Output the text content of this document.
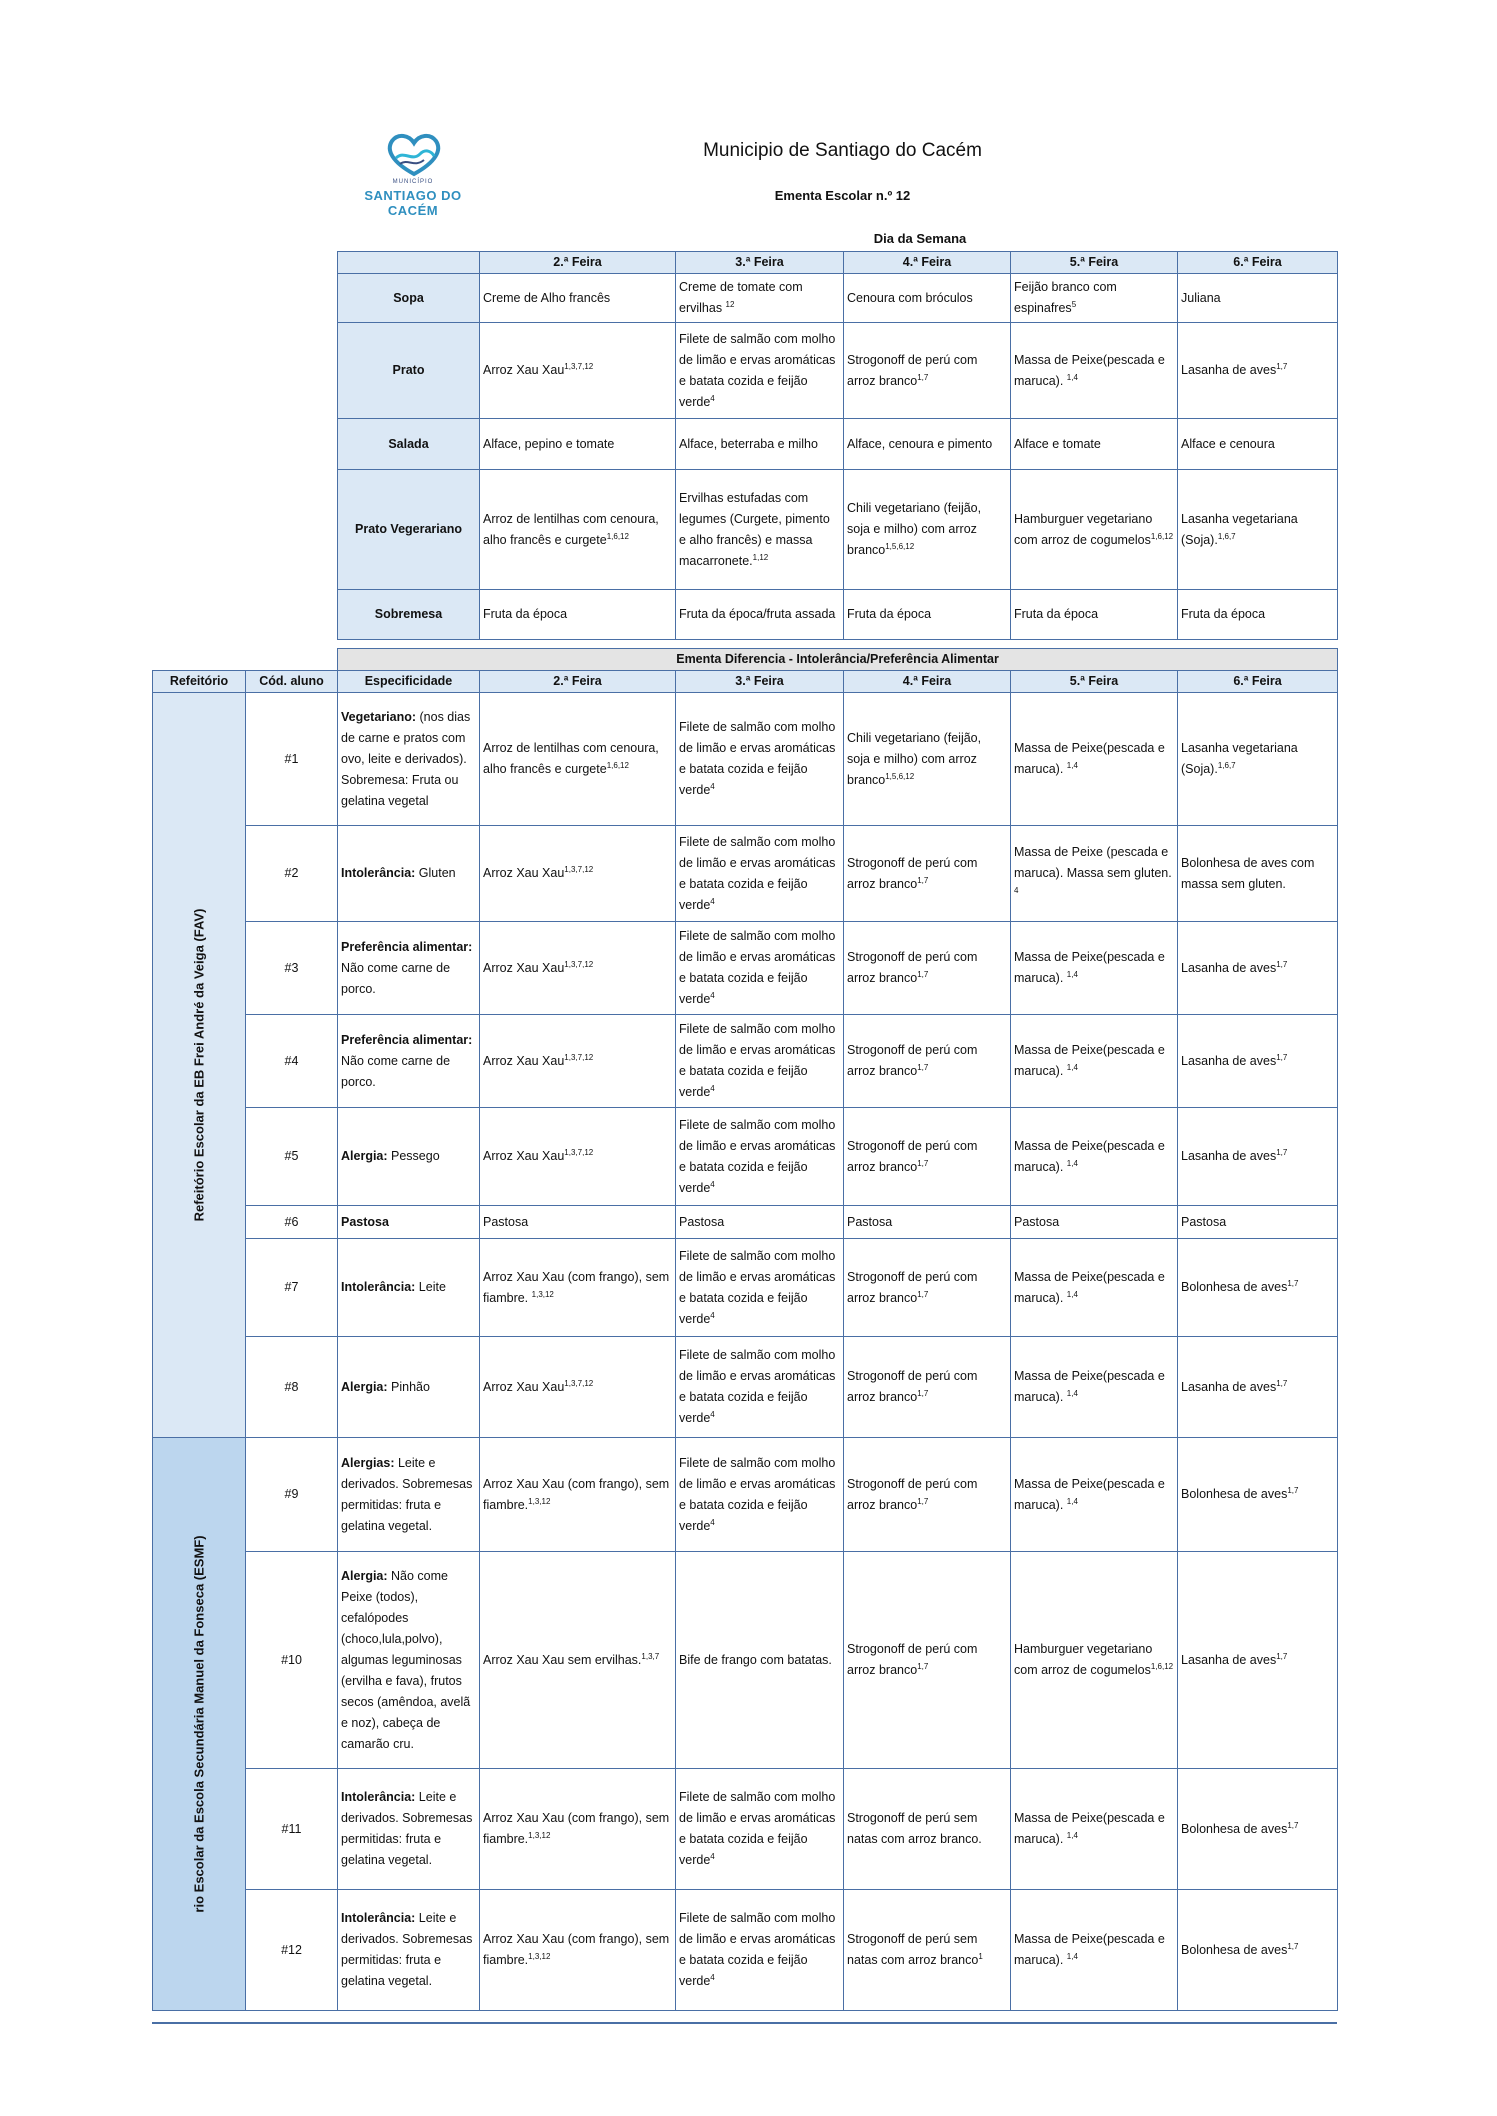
MUNICÍPIO
SANTIAGO DO CACÉM
Municipio de Santiago do Cacém
Ementa Escolar n.º 12
Dia da Semana
	2.ª Feira	3.ª Feira	4.ª Feira	5.ª Feira	6.ª Feira
Sopa	Creme de Alho francês	Creme de tomate com ervilhas $^{12}$	Cenoura com bróculos	Feijão branco com espinafres$^5$	Juliana
Prato	Arroz Xau Xau$^{1,3,7,12}$	Filete de salmão com molho de limão e ervas aromáticas e batata cozida e feijão verde$^4$	Strogonoff de perú com arroz branco$^{1,7}$	Massa de Peixe(pescada e maruca). $^{1,4}$	Lasanha de aves$^{1,7}$
Salada	Alface, pepino e tomate	Alface, beterraba e milho	Alface, cenoura e pimento	Alface e tomate	Alface e cenoura
Prato Vegerariano	Arroz de lentilhas com cenoura, alho francês e curgete$^{1,6,12}$	Ervilhas estufadas com legumes (Curgete, pimento e alho francês) e massa macarronete.$^{1,12}$	Chili vegetariano (feijão, soja e milho) com arroz branco$^{1,5,6,12}$	Hamburguer vegetariano com arroz de cogumelos$^{1,6,12}$	Lasanha vegetariana (Soja).$^{1,6,7}$
Sobremesa	Fruta da época	Fruta da época/fruta assada	Fruta da época	Fruta da época	Fruta da época
		Ementa Diferencia - Intolerância/Preferência Alimentar					
Refeitório	Cód. aluno	Especificidade	2.ª Feira	3.ª Feira	4.ª Feira	5.ª Feira	6.ª Feira

Refeitório Escolar da EB Frei André da Veiga (FAV)	#1	Vegetariano: (nos dias de carne e pratos com ovo, leite e derivados). Sobremesa: Fruta ou gelatina vegetal	Arroz de lentilhas com cenoura, alho francês e curgete$^{1,6,12}$	Filete de salmão com molho de limão e ervas aromáticas e batata cozida e feijão verde$^4$	Chili vegetariano (feijão, soja e milho) com arroz branco$^{1,5,6,12}$	Massa de Peixe(pescada e maruca). $^{1,4}$	Lasanha vegetariana (Soja).$^{1,6,7}$
	#2	Intolerância: Gluten	Arroz Xau Xau$^{1,3,7,12}$	Filete de salmão com molho de limão e ervas aromáticas e batata cozida e feijão verde$^4$	Strogonoff de perú com arroz branco$^{1,7}$	Massa de Peixe (pescada e maruca). Massa sem gluten. $^4$	Bolonhesa de aves com massa sem gluten.
	#3	Preferência alimentar: Não come carne de porco.	Arroz Xau Xau$^{1,3,7,12}$	Filete de salmão com molho de limão e ervas aromáticas e batata cozida e feijão verde$^4$	Strogonoff de perú com arroz branco$^{1,7}$	Massa de Peixe(pescada e maruca). $^{1,4}$	Lasanha de aves$^{1,7}$
	#4	Preferência alimentar: Não come carne de porco.	Arroz Xau Xau$^{1,3,7,12}$	Filete de salmão com molho de limão e ervas aromáticas e batata cozida e feijão verde$^4$	Strogonoff de perú com arroz branco$^{1,7}$	Massa de Peixe(pescada e maruca). $^{1,4}$	Lasanha de aves$^{1,7}$
	#5	Alergia: Pessego	Arroz Xau Xau$^{1,3,7,12}$	Filete de salmão com molho de limão e ervas aromáticas e batata cozida e feijão verde$^4$	Strogonoff de perú com arroz branco$^{1,7}$	Massa de Peixe(pescada e maruca). $^{1,4}$	Lasanha de aves$^{1,7}$
	#6	Pastosa	Pastosa	Pastosa	Pastosa	Pastosa	Pastosa
	#7	Intolerância: Leite	Arroz Xau Xau (com frango), sem fiambre. $^{1,3,12}$	Filete de salmão com molho de limão e ervas aromáticas e batata cozida e feijão verde$^4$	Strogonoff de perú com arroz branco$^{1,7}$	Massa de Peixe(pescada e maruca). $^{1,4}$	Bolonhesa de aves$^{1,7}$
	#8	Alergia: Pinhão	Arroz Xau Xau$^{1,3,7,12}$	Filete de salmão com molho de limão e ervas aromáticas e batata cozida e feijão verde$^4$	Strogonoff de perú com arroz branco$^{1,7}$	Massa de Peixe(pescada e maruca). $^{1,4}$	Lasanha de aves$^{1,7}$

rio Escolar da Escola Secundária Manuel da Fonseca (ESMF)	#9	Alergias: Leite e derivados. Sobremesas permitidas: fruta e gelatina vegetal.	Arroz Xau Xau (com frango), sem fiambre.$^{1,3,12}$	Filete de salmão com molho de limão e ervas aromáticas e batata cozida e feijão verde$^4$	Strogonoff de perú com arroz branco$^{1,7}$	Massa de Peixe(pescada e maruca). $^{1,4}$	Bolonhesa de aves$^{1,7}$
	#10	Alergia: Não come Peixe (todos), cefalópodes (choco,lula,polvo), algumas leguminosas (ervilha e fava), frutos secos (amêndoa, avelã e noz), cabeça de camarão cru.	Arroz Xau Xau sem ervilhas.$^{1,3,7}$	Bife de frango com batatas.	Strogonoff de perú com arroz branco$^{1,7}$	Hamburguer vegetariano com arroz de cogumelos$^{1,6,12}$	Lasanha de aves$^{1,7}$
	#11	Intolerância: Leite e derivados. Sobremesas permitidas: fruta e gelatina vegetal.	Arroz Xau Xau (com frango), sem fiambre.$^{1,3,12}$	Filete de salmão com molho de limão e ervas aromáticas e batata cozida e feijão verde$^4$	Strogonoff de perú sem natas com arroz branco.	Massa de Peixe(pescada e maruca). $^{1,4}$	Bolonhesa de aves$^{1,7}$
	#12	Intolerância: Leite e derivados. Sobremesas permitidas: fruta e gelatina vegetal.	Arroz Xau Xau (com frango), sem fiambre.$^{1,3,12}$	Filete de salmão com molho de limão e ervas aromáticas e batata cozida e feijão verde$^4$	Strogonoff de perú sem natas com arroz branco$^1$	Massa de Peixe(pescada e maruca). $^{1,4}$	Bolonhesa de aves$^{1,7}$
